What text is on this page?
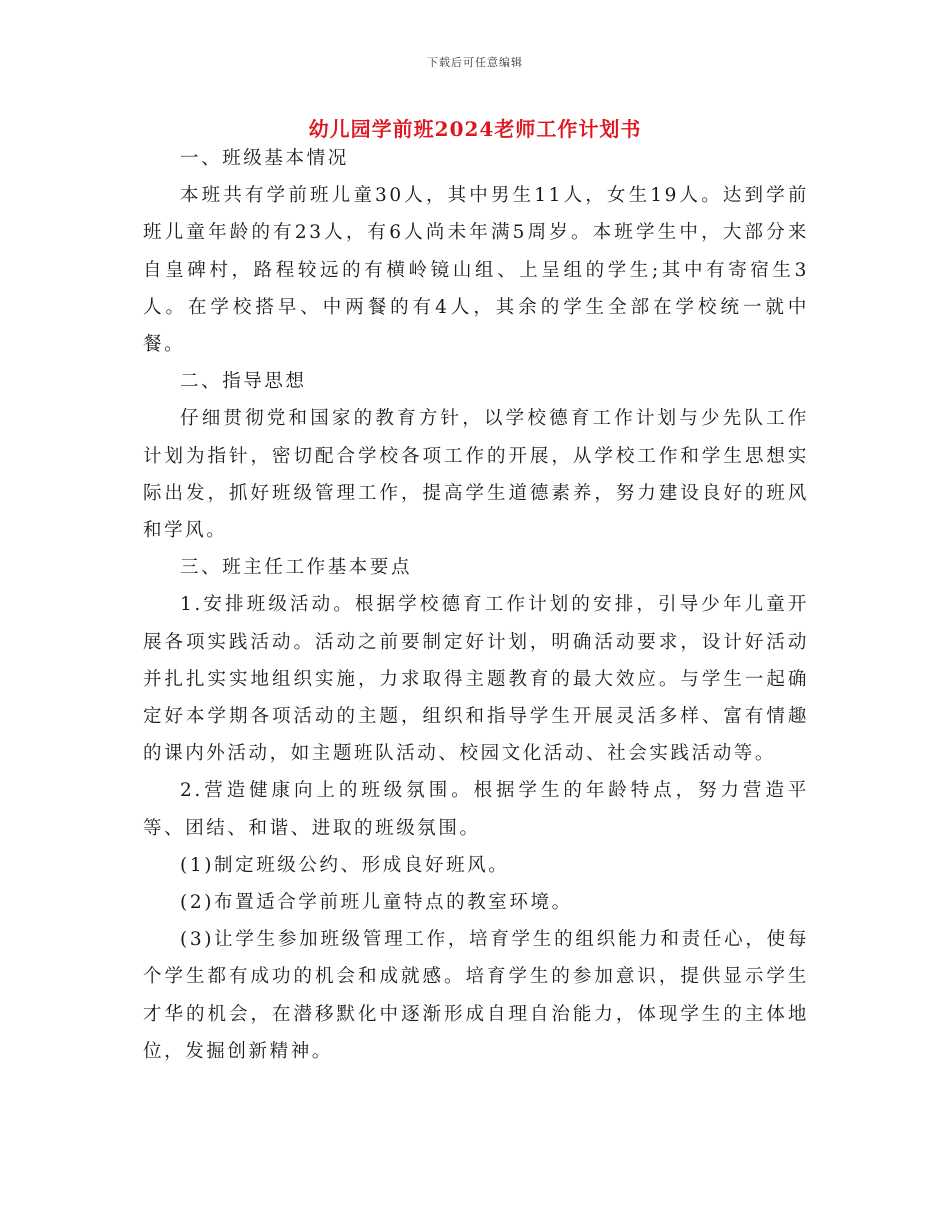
下载后可任意编辑
幼儿园学前班2024老师工作计划书

一、班级基本情况

本班共有学前班儿童30人，其中男生11人，女生19人。达到学前班儿童年龄的有23人，有6人尚未年满5周岁。本班学生中，大部分来自皇碑村，路程较远的有横岭镜山组、上呈组的学生;其中有寄宿生3人。在学校搭早、中两餐的有4人，其余的学生全部在学校统一就中餐。

二、指导思想

仔细贯彻党和国家的教育方针，以学校德育工作计划与少先队工作计划为指针，密切配合学校各项工作的开展，从学校工作和学生思想实际出发，抓好班级管理工作，提高学生道德素养，努力建设良好的班风和学风。

三、班主任工作基本要点

1.安排班级活动。根据学校德育工作计划的安排，引导少年儿童开展各项实践活动。活动之前要制定好计划，明确活动要求，设计好活动并扎扎实实地组织实施，力求取得主题教育的最大效应。与学生一起确定好本学期各项活动的主题，组织和指导学生开展灵活多样、富有情趣的课内外活动，如主题班队活动、校园文化活动、社会实践活动等。

2.营造健康向上的班级氛围。根据学生的年龄特点，努力营造平等、团结、和谐、进取的班级氛围。

(1)制定班级公约、形成良好班风。

(2)布置适合学前班儿童特点的教室环境。

(3)让学生参加班级管理工作，培育学生的组织能力和责任心，使每个学生都有成功的机会和成就感。培育学生的参加意识，提供显示学生才华的机会，在潜移默化中逐渐形成自理自治能力，体现学生的主体地位，发掘创新精神。
